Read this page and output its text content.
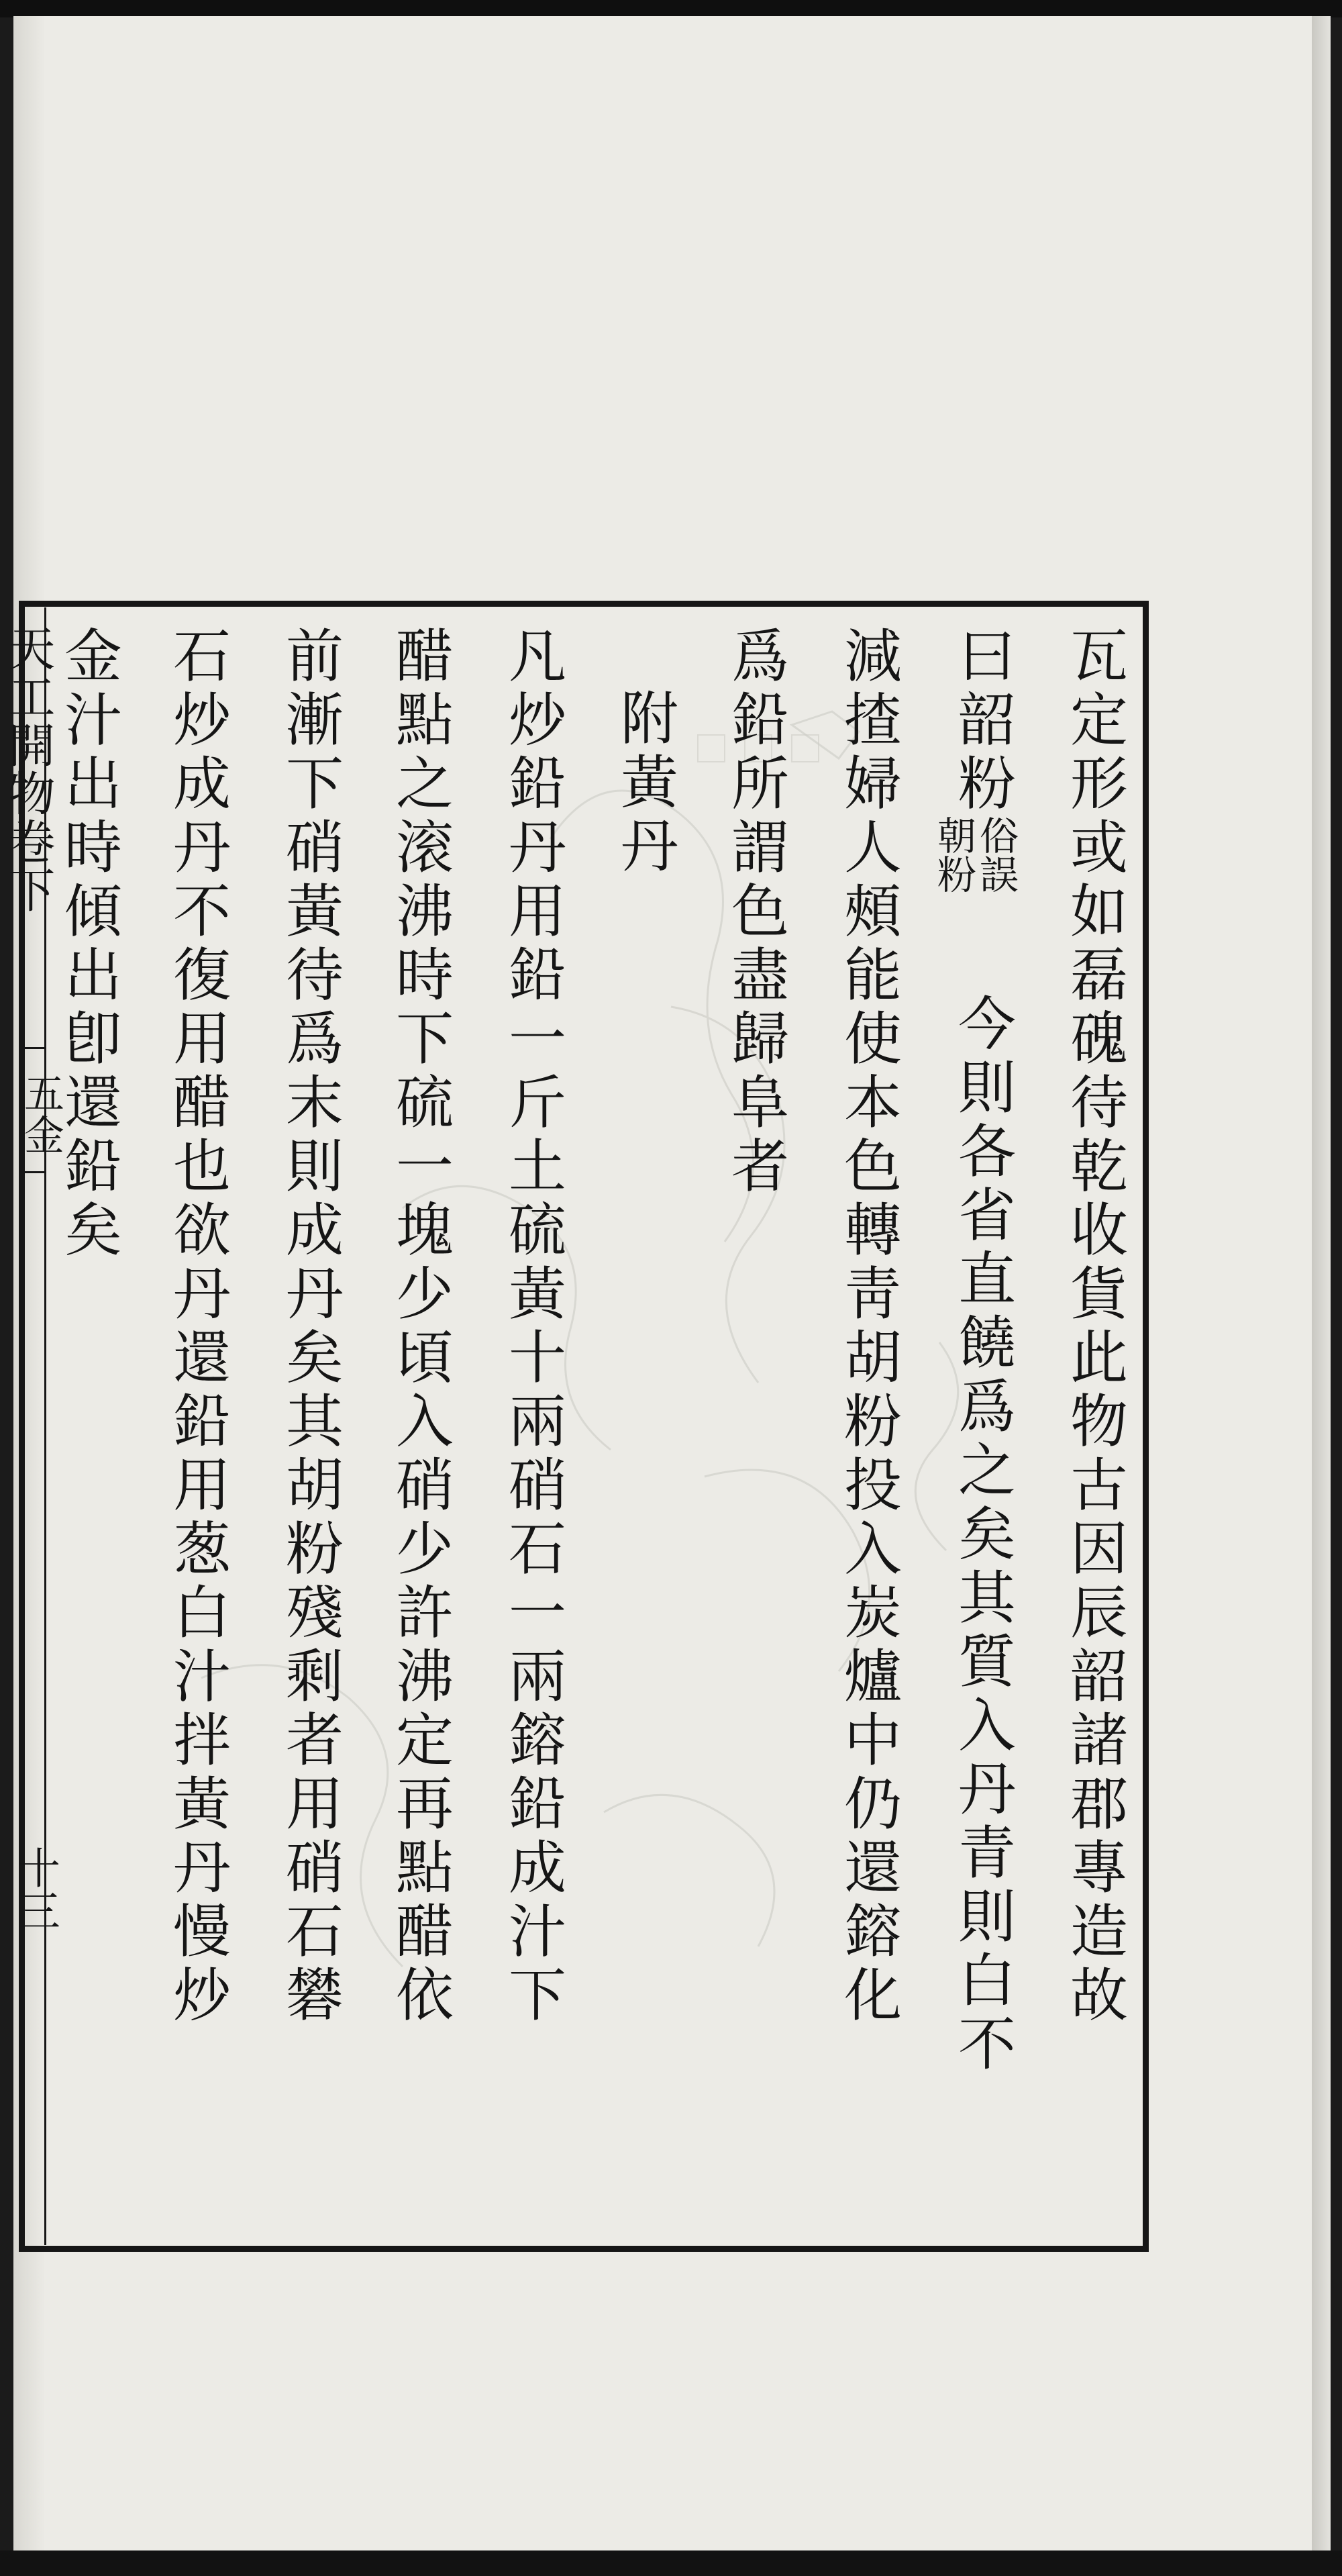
天工開物卷下
五金
十三	瓦定形或如磊磈待乾收貨此物古因辰韶諸郡專造故
曰韶粉
俗誤
朝粉
今則各省直饒爲之矣其質入丹青則白不
減揸婦人頰能使本色轉靑胡粉投入炭爐中仍還鎔化
爲鉛所謂色盡歸阜者
附黃丹
凡炒鉛丹用鉛一斤土硫黃十兩硝石一兩鎔鉛成汁下
醋點之滚沸時下硫一塊少頃入硝少許沸定再點醋依
前漸下硝黃待爲末則成丹矣其胡粉殘剩者用硝石礬
石炒成丹不復用醋也欲丹還鉛用葱白汁拌黃丹慢炒
金汁出時傾出卽還鉛矣
